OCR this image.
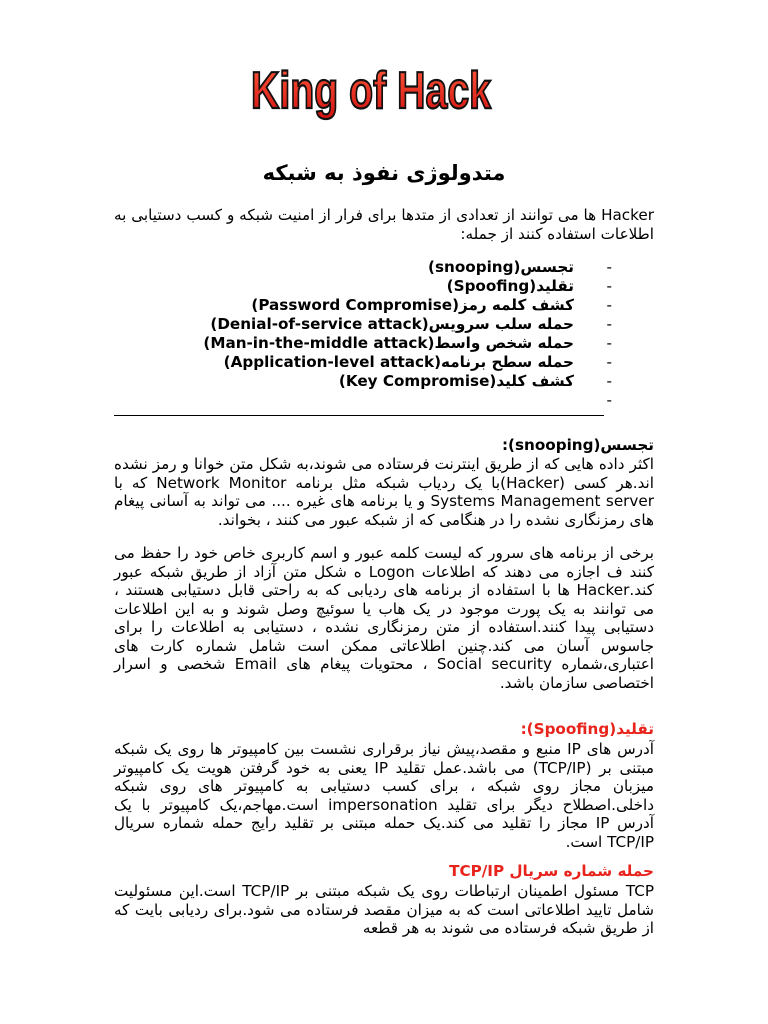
King of Hack
متدولوژی نفوذ به شبکه

Hacker ها می توانند از تعدادی از متدها برای فرار از امنیت شبکه و کسب دستیابی به اطلاعات استفاده کنند از جمله:

-
تجسس(snooping)
-
تقلید(Spoofing)
-
کشف کلمه رمز(Password Compromise)
-
حمله سلب سرویس(Denial-of-service attack)
-
حمله شخص واسط(Man-in-the-middle attack)
-
حمله سطح برنامه(Application-level attack)
-
کشف کلید(Key Compromise)
-
تجسس(snooping):

اکثر داده هایی که از طریق اینترنت فرستاده می شوند،به شکل متن خوانا و رمز نشده اند.هر کسی (Hacker)با یک ردیاب شبکه مثل برنامه Network Monitor که با Systems Management server و یا برنامه های غیره .... می تواند به آسانی پیغام های رمزنگاری نشده را در هنگامی که از شبکه عبور می کنند ، بخواند.

برخی از برنامه های سرور که لیست کلمه عبور و اسم کاربری خاص خود را حفظ می کنند ف اجازه می دهند که اطلاعات Logon ه شکل متن آزاد از طریق شبکه عبور کند.Hacker ها با استفاده از برنامه های ردیابی که به راحتی قابل دستیابی هستند ، می توانند به یک پورت موجود در یک هاب یا سوئیچ وصل شوند و به این اطلاعات دستیابی پیدا کنند.استفاده از متن رمزنگاری نشده ، دستیابی به اطلاعات را برای جاسوس آسان می کند.چنین اطلاعاتی ممکن است شامل شماره کارت های اعتباری،شماره Social security ، محتویات پیغام های Email شخصی و اسرار اختصاصی سازمان باشد.

تقلید(Spoofing):

آدرس های IP منبع و مقصد،پیش نیاز برقراری نشست بین کامپیوتر ها روی یک شبکه مبتنی بر (TCP/IP) می باشد.عمل تقلید IP یعنی به خود گرفتن هویت یک کامپیوتر میزبان مجاز روی شبکه ، برای کسب دستیابی به کامپیوتر های روی شبکه داخلی.اصطلاح دیگر برای تقلید impersonation است.مهاجم،یک کامپیوتر با یک آدرس IP مجاز را تقلید می کند.یک حمله مبتنی بر تقلید رایج حمله شماره سریال TCP/IP است.

حمله شماره سریال TCP/IP

TCP مسئول اطمینان ارتباطات روی یک شبکه مبتنی بر TCP/IP است.این مسئولیت شامل تایید اطلاعاتی است که به میزان مقصد فرستاده می شود.برای ردیابی بایت که از طریق شبکه فرستاده می شوند به هر قطعه
